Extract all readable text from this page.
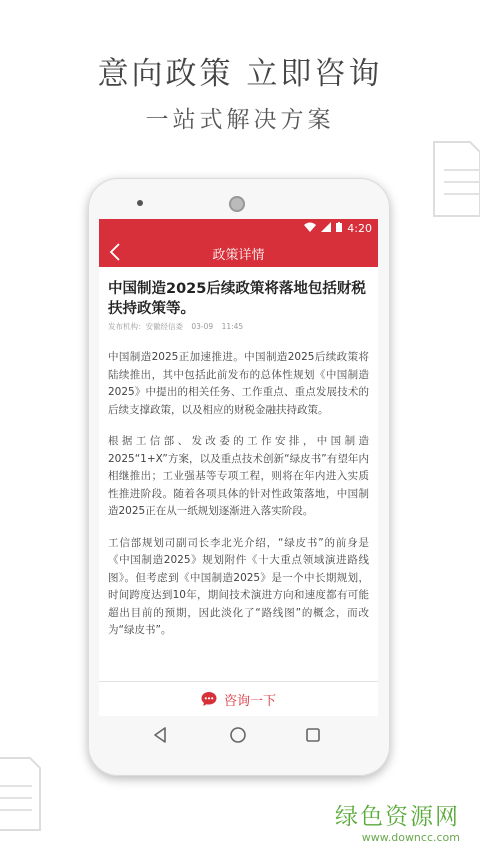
意向政策 立即咨询
一站式解决方案
4:20
政策详情
中国制造2025后续政策将落地包括财税扶持政策等。
发布机构：安徽经信委 03-09 11:45

中国制造2025正加速推进。中国制造2025后续政策将陆续推出，其中包括此前发布的总体性规划《中国制造2025》中提出的相关任务、工作重点、重点发展技术的后续支撑政策，以及相应的财税金融扶持政策。

根据工信部、发改委的工作安排，中国制造2025“1+X”方案，以及重点技术创新“绿皮书”有望年内相继推出；工业强基等专项工程，则将在年内进入实质性推进阶段。随着各项具体的针对性政策落地，中国制造2025正在从一纸规划逐渐进入落实阶段。

工信部规划司副司长李北光介绍，“绿皮书”的前身是《中国制造2025》规划附件《十大重点领域演进路线图》。但考虑到《中国制造2025》是一个中长期规划，时间跨度达到10年，期间技术演进方向和速度都有可能超出目前的预期，因此淡化了“路线图”的概念，而改为“绿皮书”。

咨询一下
绿色资源网
www.downcc.com
